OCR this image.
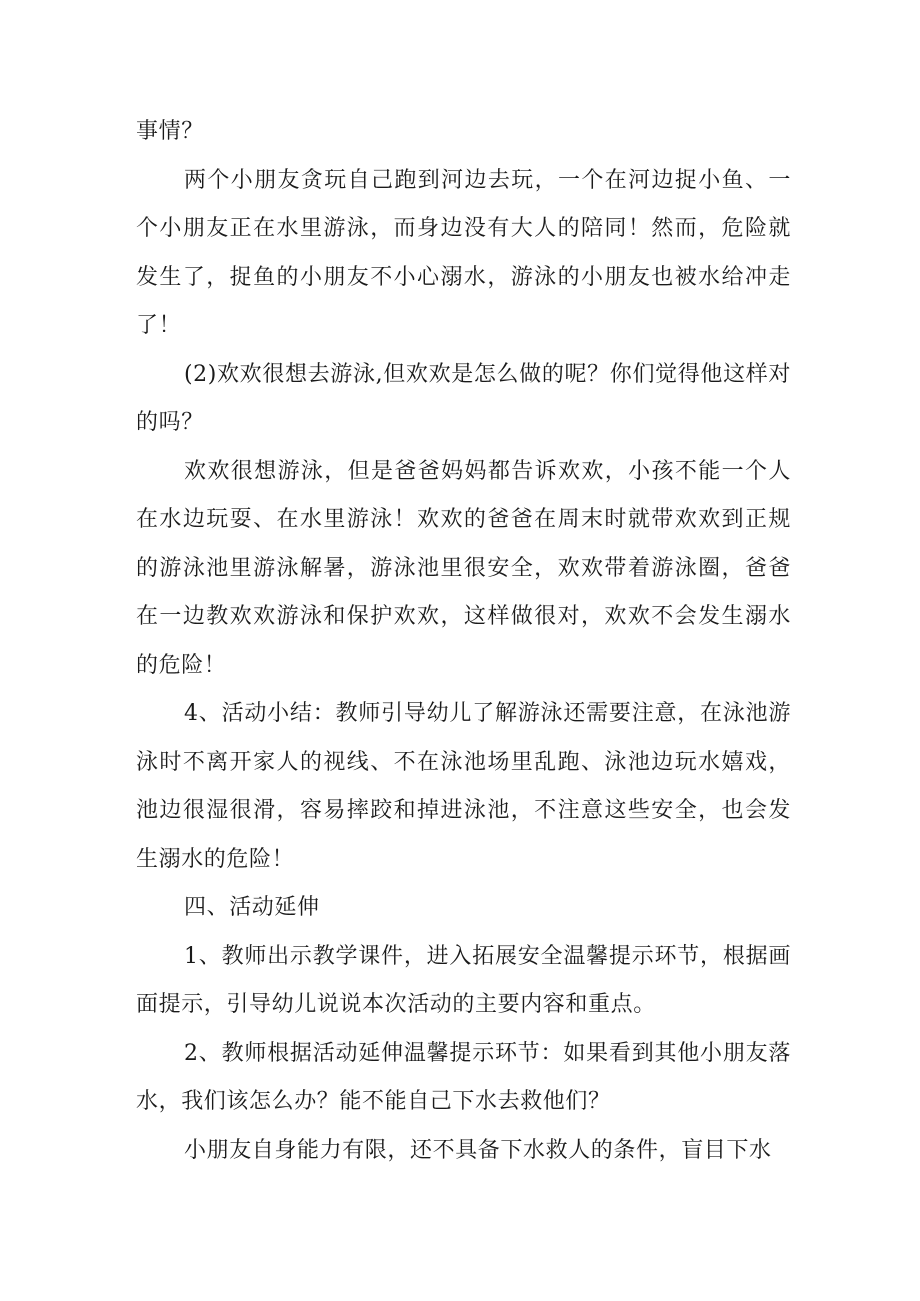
事情？

两个小朋友贪玩自己跑到河边去玩，一个在河边捉小鱼、一个小朋友正在水里游泳，而身边没有大人的陪同！然而，危险就发生了，捉鱼的小朋友不小心溺水，游泳的小朋友也被水给冲走了！

(2)欢欢很想去游泳,但欢欢是怎么做的呢？你们觉得他这样对的吗？

欢欢很想游泳，但是爸爸妈妈都告诉欢欢，小孩不能一个人在水边玩耍、在水里游泳！欢欢的爸爸在周末时就带欢欢到正规的游泳池里游泳解暑，游泳池里很安全，欢欢带着游泳圈，爸爸在一边教欢欢游泳和保护欢欢，这样做很对，欢欢不会发生溺水的危险！

4、活动小结：教师引导幼儿了解游泳还需要注意，在泳池游泳时不离开家人的视线、不在泳池场里乱跑、泳池边玩水嬉戏，池边很湿很滑，容易摔跤和掉进泳池，不注意这些安全，也会发生溺水的危险！

四、活动延伸

1、教师出示教学课件，进入拓展安全温馨提示环节，根据画面提示，引导幼儿说说本次活动的主要内容和重点。

2、教师根据活动延伸温馨提示环节：如果看到其他小朋友落水，我们该怎么办？能不能自己下水去救他们？

小朋友自身能力有限，还不具备下水救人的条件，盲目下水
